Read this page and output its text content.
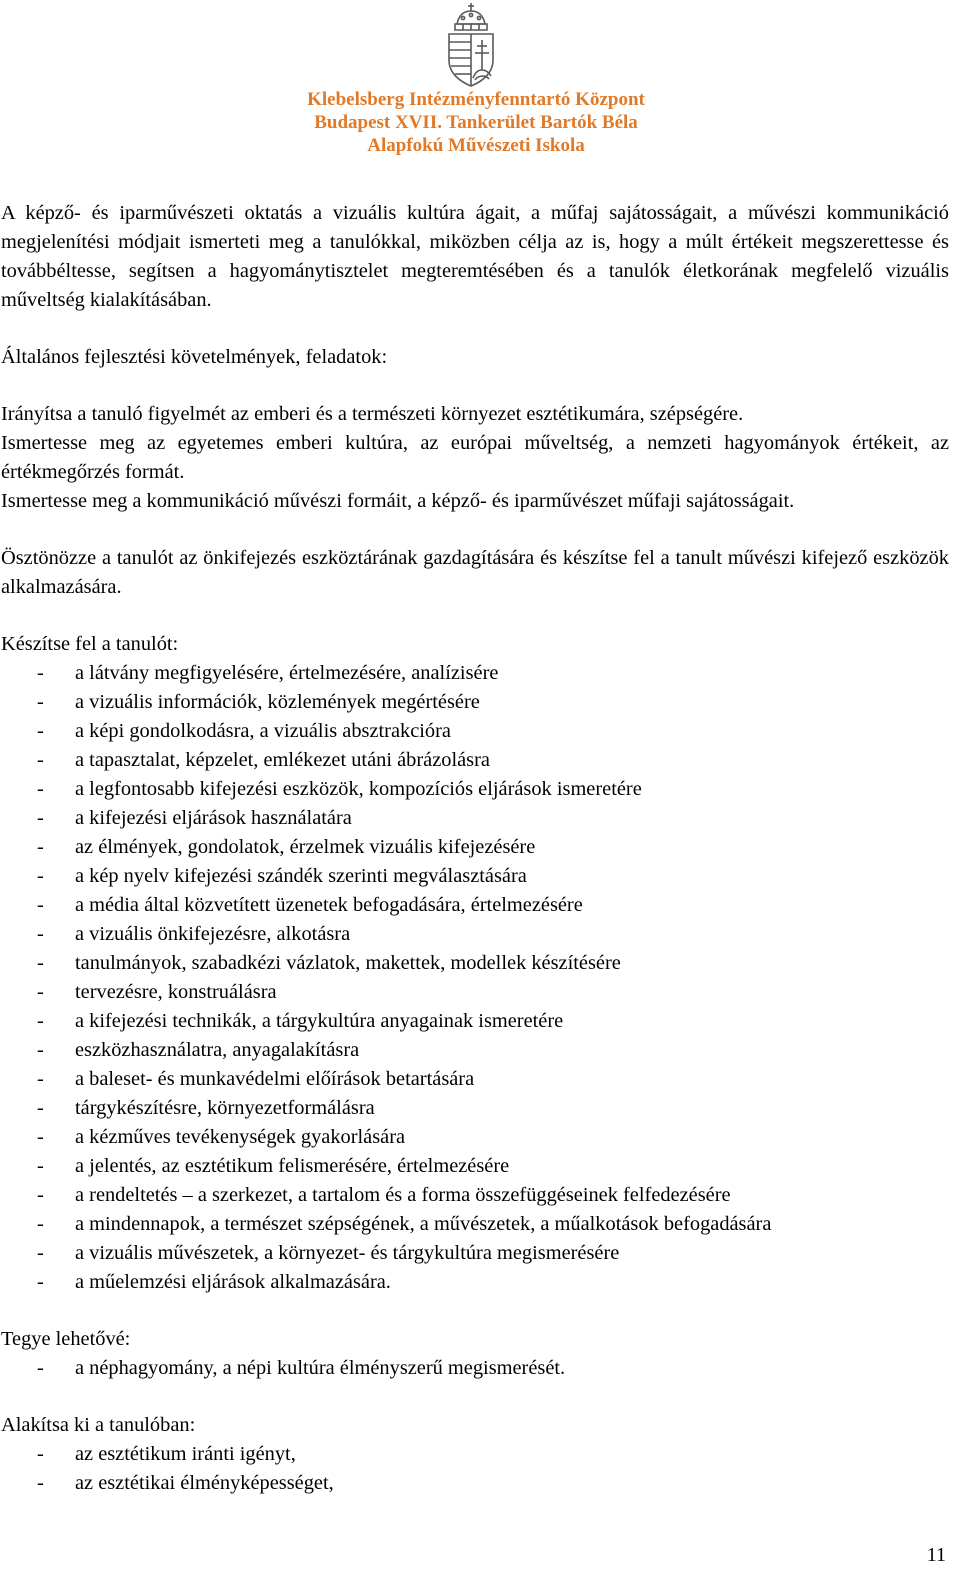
Klebelsberg Intézményfenntartó Központ
Budapest XVII. Tankerület Bartók Béla
Alapfokú Művészeti Iskola

A képző- és iparművészeti oktatás a vizuális kultúra ágait, a műfaj sajátosságait, a művészi kommunikáció megjelenítési módjait ismerteti meg a tanulókkal, miközben célja az is, hogy a múlt értékeit megszerettesse és továbbéltesse, segítsen a hagyománytisztelet megteremtésében és a tanulók életkorának megfelelő vizuális műveltség kialakításában.

Általános fejlesztési követelmények, feladatok:

Irányítsa a tanuló figyelmét az emberi és a természeti környezet esztétikumára, szépségére.

Ismertesse meg az egyetemes emberi kultúra, az európai műveltség, a nemzeti hagyományok értékeit, az értékmegőrzés formát.

Ismertesse meg a kommunikáció művészi formáit, a képző- és iparművészet műfaji sajátosságait.

Ösztönözze a tanulót az önkifejezés eszköztárának gazdagítására és készítse fel a tanult művészi kifejező eszközök alkalmazására.

Készítse fel a tanulót:

- a látvány megfigyelésére, értelmezésére, analízisére
- a vizuális információk, közlemények megértésére
- a képi gondolkodásra, a vizuális absztrakcióra
- a tapasztalat, képzelet, emlékezet utáni ábrázolásra
- a legfontosabb kifejezési eszközök, kompozíciós eljárások ismeretére
- a kifejezési eljárások használatára
- az élmények, gondolatok, érzelmek vizuális kifejezésére
- a kép nyelv kifejezési szándék szerinti megválasztására
- a média által közvetített üzenetek befogadására, értelmezésére
- a vizuális önkifejezésre, alkotásra
- tanulmányok, szabadkézi vázlatok, makettek, modellek készítésére
- tervezésre, konstruálásra
- a kifejezési technikák, a tárgykultúra anyagainak ismeretére
- eszközhasználatra, anyagalakításra
- a baleset- és munkavédelmi előírások betartására
- tárgykészítésre, környezetformálásra
- a kézműves tevékenységek gyakorlására
- a jelentés, az esztétikum felismerésére, értelmezésére
- a rendeltetés – a szerkezet, a tartalom és a forma összefüggéseinek felfedezésére
- a mindennapok, a természet szépségének, a művészetek, a műalkotások befogadására
- a vizuális művészetek, a környezet- és tárgykultúra megismerésére
- a műelemzési eljárások alkalmazására.

Tegye lehetővé:

- a néphagyomány, a népi kultúra élményszerű megismerését.

Alakítsa ki a tanulóban:

- az esztétikum iránti igényt,
- az esztétikai élményképességet,
11
